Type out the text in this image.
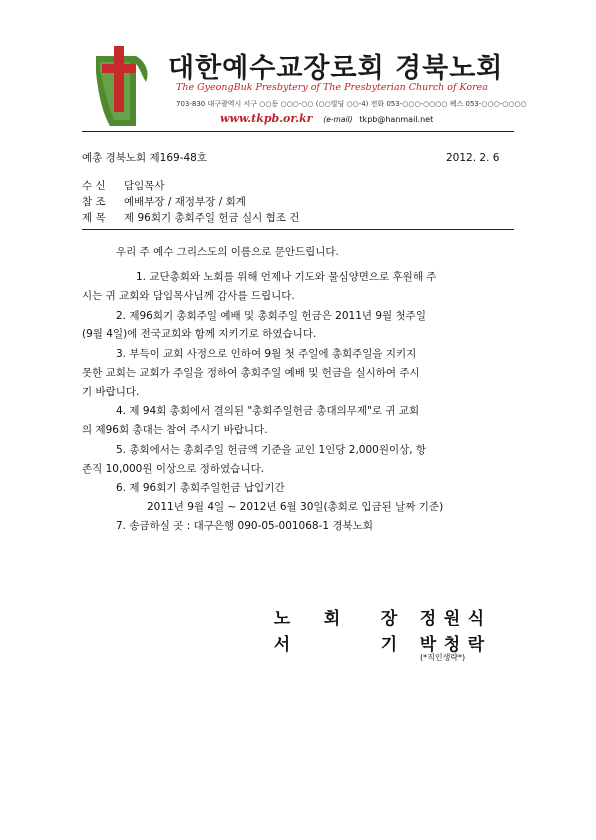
대한예수교장로회 경북노회
The GyeongBuk Presbytery of The Presbyterian Church of Korea
703-830 대구광역시 서구 ○○동 ○○○-○○ (○○빌딩 ○○-4) 전화 053-○○○-○○○○ 팩스 053-○○○-○○○○
www.tkpb.or.kr (e-mail) tkpb@hanmail.net
예총 경북노회 제169-48호	2012. 2. 6
수 신 담임목사
참 조 예배부장 / 재정부장 / 회계
제 목 제 96회기 총회주일 헌금 실시 협조 건
우리 주 예수 그리스도의 이름으로 문안드립니다.
1. 교단총회와 노회를 위해 언제나 기도와 물심양면으로 후원해 주
시는 귀 교회와 담임목사님께 감사를 드립니다.
2. 제96회기 총회주일 예배 및 총회주일 헌금은 2011년 9월 첫주일
(9월 4일)에 전국교회와 함께 지키기로 하였습니다.
3. 부득이 교회 사정으로 인하여 9월 첫 주일에 총회주일을 지키지
못한 교회는 교회가 주일을 정하여 총회주일 예배 및 헌금을 실시하여 주시
기 바랍니다.
4. 제 94회 총회에서 결의된 "총회주일헌금 총대의무제"로 귀 교회
의 제96회 총대는 참여 주시기 바랍니다.
5. 총회에서는 총회주일 헌금액 기준을 교인 1인당 2,000원이상, 항
존직 10,000원 이상으로 정하였습니다.
6. 제 96회기 총회주일헌금 납입기간
2011년 9월 4일 ~ 2012년 6월 30일(총회로 입금된 날짜 기준)
7. 송금하실 곳 : 대구은행 090-05-001068-1 경북노회
노 회 장 정 원 식
서	기 박 청 락
(*직인생략*)
